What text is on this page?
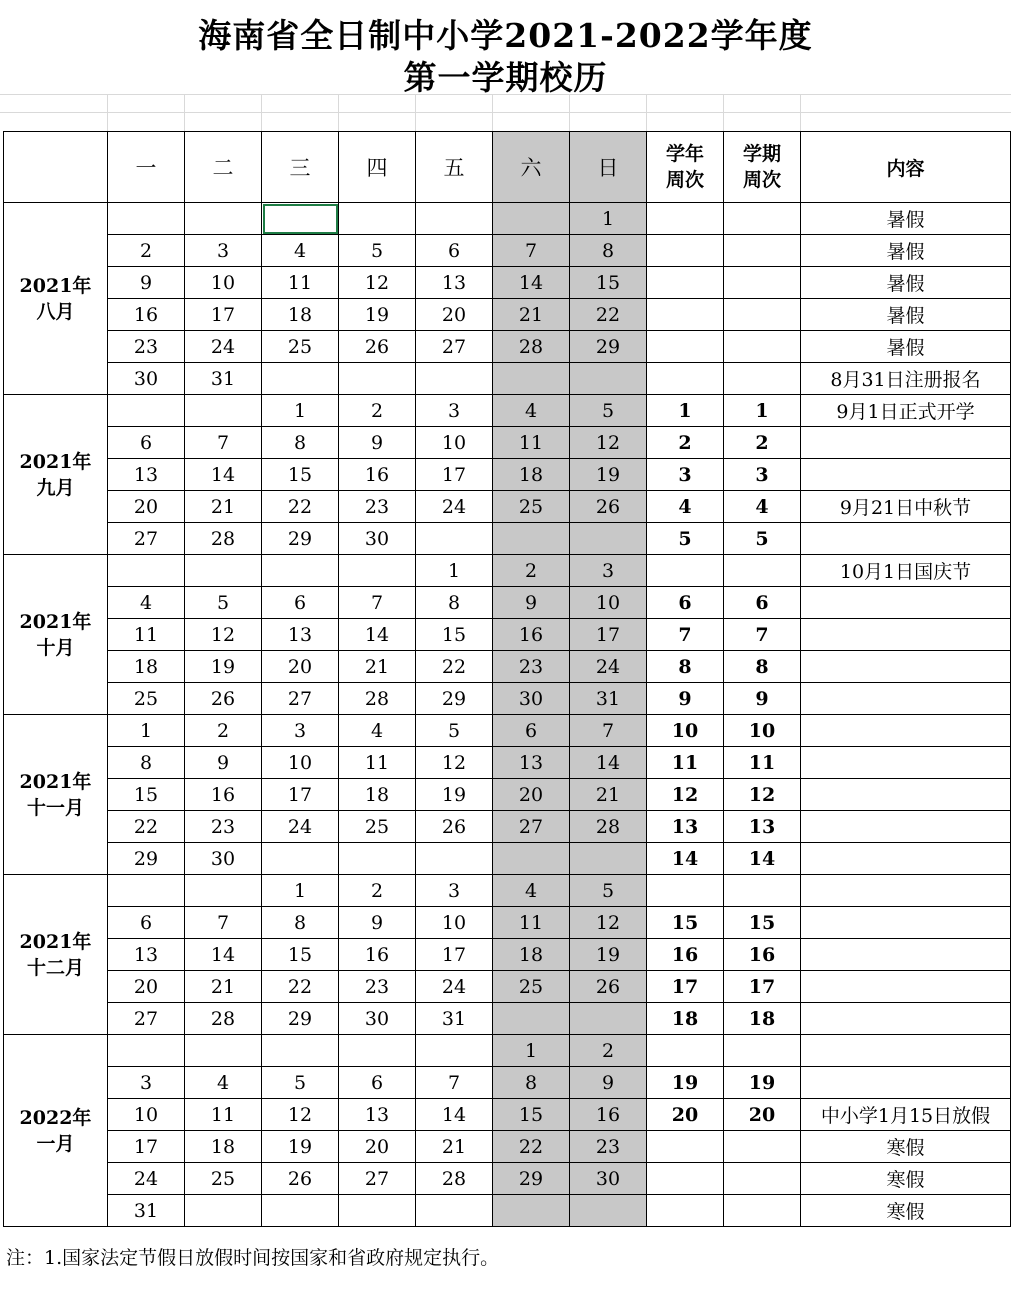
海南省全日制中小学2021-2022学年度
第一学期校历
	一	二	三	四	五	六	日	学年
周次	学期
周次	内容
2021年
八月							1			暑假
	2	3	4	5	6	7	8			暑假
	9	10	11	12	13	14	15			暑假
	16	17	18	19	20	21	22			暑假
	23	24	25	26	27	28	29			暑假
	30	31								8月31日注册报名
2021年
九月			1	2	3	4	5	1	1	9月1日正式开学
	6	7	8	9	10	11	12	2	2	
	13	14	15	16	17	18	19	3	3	
	20	21	22	23	24	25	26	4	4	9月21日中秋节
	27	28	29	30				5	5	
2021年
十月					1	2	3			10月1日国庆节
	4	5	6	7	8	9	10	6	6	
	11	12	13	14	15	16	17	7	7	
	18	19	20	21	22	23	24	8	8	
	25	26	27	28	29	30	31	9	9	
2021年
十一月	1	2	3	4	5	6	7	10	10	
	8	9	10	11	12	13	14	11	11	
	15	16	17	18	19	20	21	12	12	
	22	23	24	25	26	27	28	13	13	
	29	30						14	14	
2021年
十二月			1	2	3	4	5			
	6	7	8	9	10	11	12	15	15	
	13	14	15	16	17	18	19	16	16	
	20	21	22	23	24	25	26	17	17	
	27	28	29	30	31			18	18	
2022年
一月						1	2			
	3	4	5	6	7	8	9	19	19	
	10	11	12	13	14	15	16	20	20	中小学1月15日放假
	17	18	19	20	21	22	23			寒假
	24	25	26	27	28	29	30			寒假
	31									寒假
注：1.国家法定节假日放假时间按国家和省政府规定执行。
